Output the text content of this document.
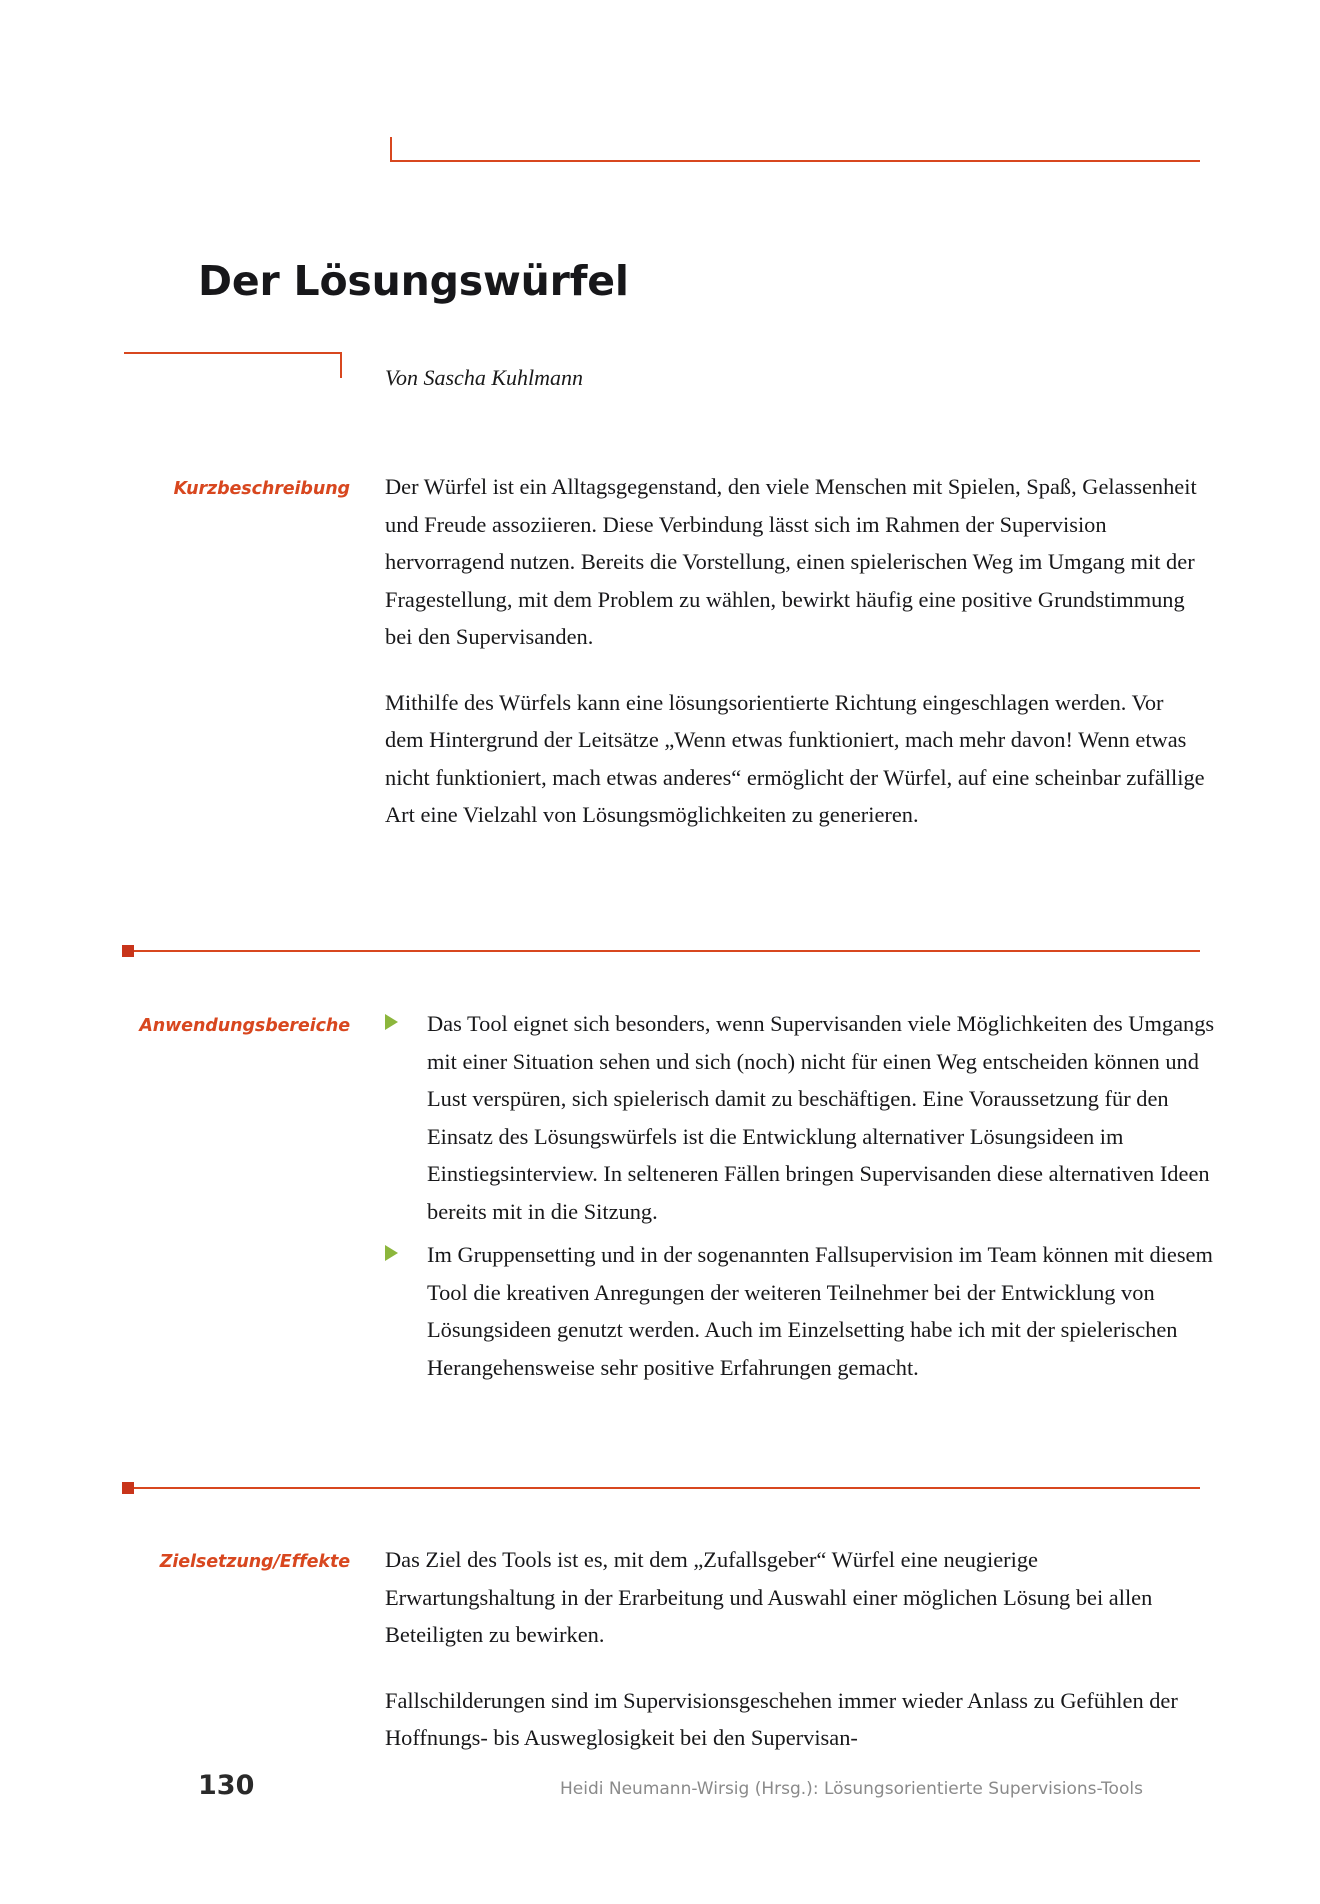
Der Lösungswürfel
Von Sascha Kuhlmann
Kurzbeschreibung Der Würfel ist ein Alltagsgegenstand, den viele Menschen mit Spielen, Spaß, Gelassenheit und Freude assoziieren. Diese Verbindung lässt sich im Rahmen der Supervision hervorragend nutzen. Bereits die Vorstellung, einen spielerischen Weg im Umgang mit der Fragestellung, mit dem Problem zu wählen, bewirkt häufig eine positive Grundstimmung bei den Supervisanden.

Mithilfe des Würfels kann eine lösungsorientierte Richtung eingeschlagen werden. Vor dem Hintergrund der Leitsätze „Wenn etwas funktioniert, mach mehr davon! Wenn etwas nicht funktioniert, mach etwas anderes“ ermöglicht der Würfel, auf eine scheinbar zufällige Art eine Vielzahl von Lösungsmöglichkeiten zu generieren.

Anwendungsbereiche	Das Tool eignet sich besonders, wenn Supervisanden viele Möglichkeiten des Umgangs mit einer Situation sehen und sich (noch) nicht für einen Weg entscheiden können und Lust verspüren, sich spielerisch damit zu beschäftigen. Eine Voraussetzung für den Einsatz des Lösungswürfels ist die Entwicklung alternativer Lösungsideen im Einstiegsinterview. In selteneren Fällen bringen Supervisanden diese alternativen Ideen bereits mit in die Sitzung.
Im Gruppensetting und in der sogenannten Fallsupervision im Team können mit diesem Tool die kreativen Anregungen der weiteren Teilnehmer bei der Entwicklung von Lösungsideen genutzt werden. Auch im Einzelsetting habe ich mit der spielerischen Herangehensweise sehr positive Erfahrungen gemacht.
Zielsetzung/Effekte Das Ziel des Tools ist es, mit dem „Zufallsgeber“ Würfel eine neugierige Erwartungshaltung in der Erarbeitung und Auswahl einer möglichen Lösung bei allen Beteiligten zu bewirken.

Fallschilderungen sind im Supervisionsgeschehen immer wieder Anlass zu Gefühlen der Hoffnungs- bis Ausweglosigkeit bei den Supervisan-

130	Heidi Neumann-Wirsig (Hrsg.): Lösungsorientierte Supervisions-Tools
